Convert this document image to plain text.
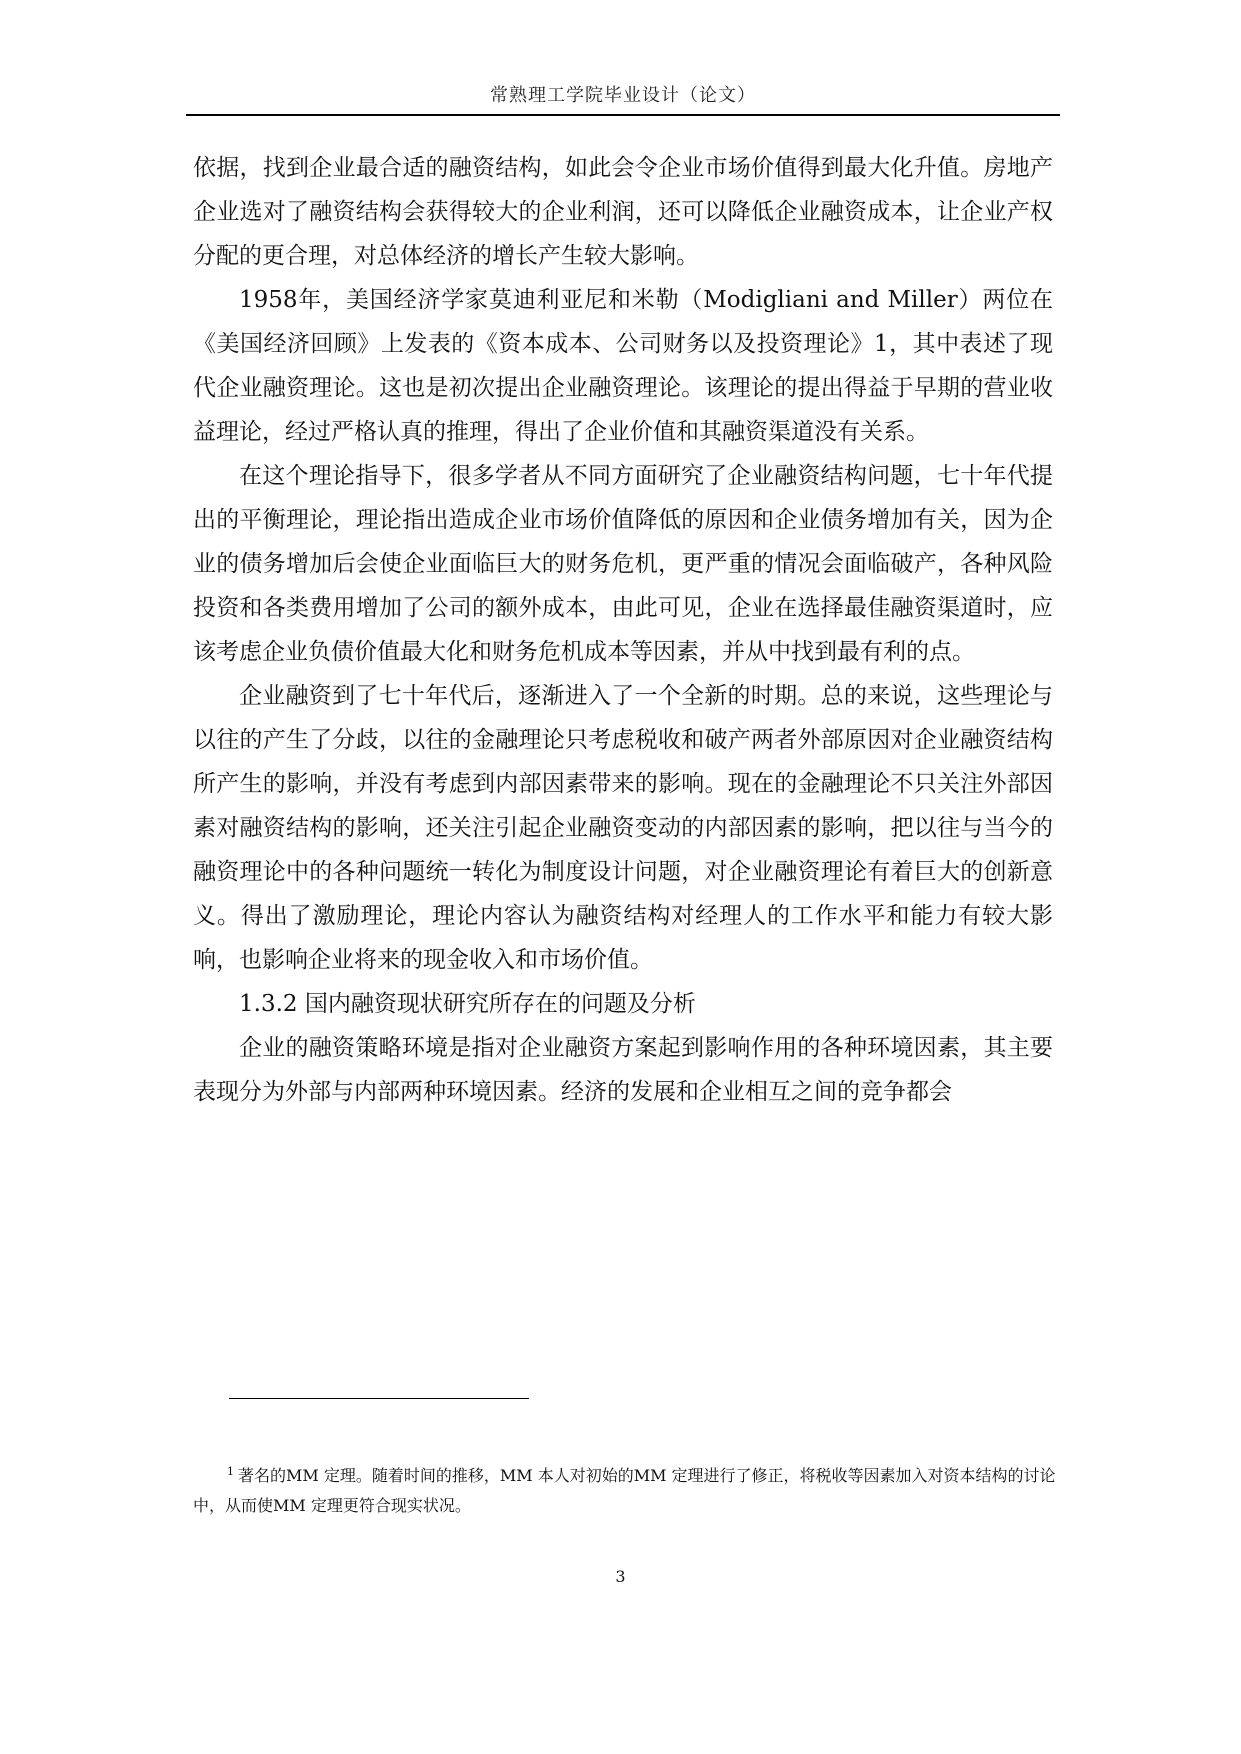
常熟理工学院毕业设计（论文）

依据，找到企业最合适的融资结构，如此会令企业市场价值得到最大化升值。房地产企业选对了融资结构会获得较大的企业利润，还可以降低企业融资成本，让企业产权分配的更合理，对总体经济的增长产生较大影响。

1958年，美国经济学家莫迪利亚尼和米勒（Modigliani and Miller）两位在《美国经济回顾》上发表的《资本成本、公司财务以及投资理论》1，其中表述了现代企业融资理论。这也是初次提出企业融资理论。该理论的提出得益于早期的营业收益理论，经过严格认真的推理，得出了企业价值和其融资渠道没有关系。

在这个理论指导下，很多学者从不同方面研究了企业融资结构问题，七十年代提出的平衡理论，理论指出造成企业市场价值降低的原因和企业债务增加有关，因为企业的债务增加后会使企业面临巨大的财务危机，更严重的情况会面临破产，各种风险投资和各类费用增加了公司的额外成本，由此可见，企业在选择最佳融资渠道时，应该考虑企业负债价值最大化和财务危机成本等因素，并从中找到最有利的点。

企业融资到了七十年代后，逐渐进入了一个全新的时期。总的来说，这些理论与以往的产生了分歧，以往的金融理论只考虑税收和破产两者外部原因对企业融资结构所产生的影响，并没有考虑到内部因素带来的影响。现在的金融理论不只关注外部因素对融资结构的影响，还关注引起企业融资变动的内部因素的影响，把以往与当今的融资理论中的各种问题统一转化为制度设计问题，对企业融资理论有着巨大的创新意义。得出了激励理论，理论内容认为融资结构对经理人的工作水平和能力有较大影响，也影响企业将来的现金收入和市场价值。

1.3.2 国内融资现状研究所存在的问题及分析

企业的融资策略环境是指对企业融资方案起到影响作用的各种环境因素，其主要表现分为外部与内部两种环境因素。经济的发展和企业相互之间的竞争都会

$^1$ 著名的MM 定理。随着时间的推移，MM 本人对初始的MM 定理进行了修正，将税收等因素加入对资本结构的讨论中，从而使MM 定理更符合现实状况。
3
